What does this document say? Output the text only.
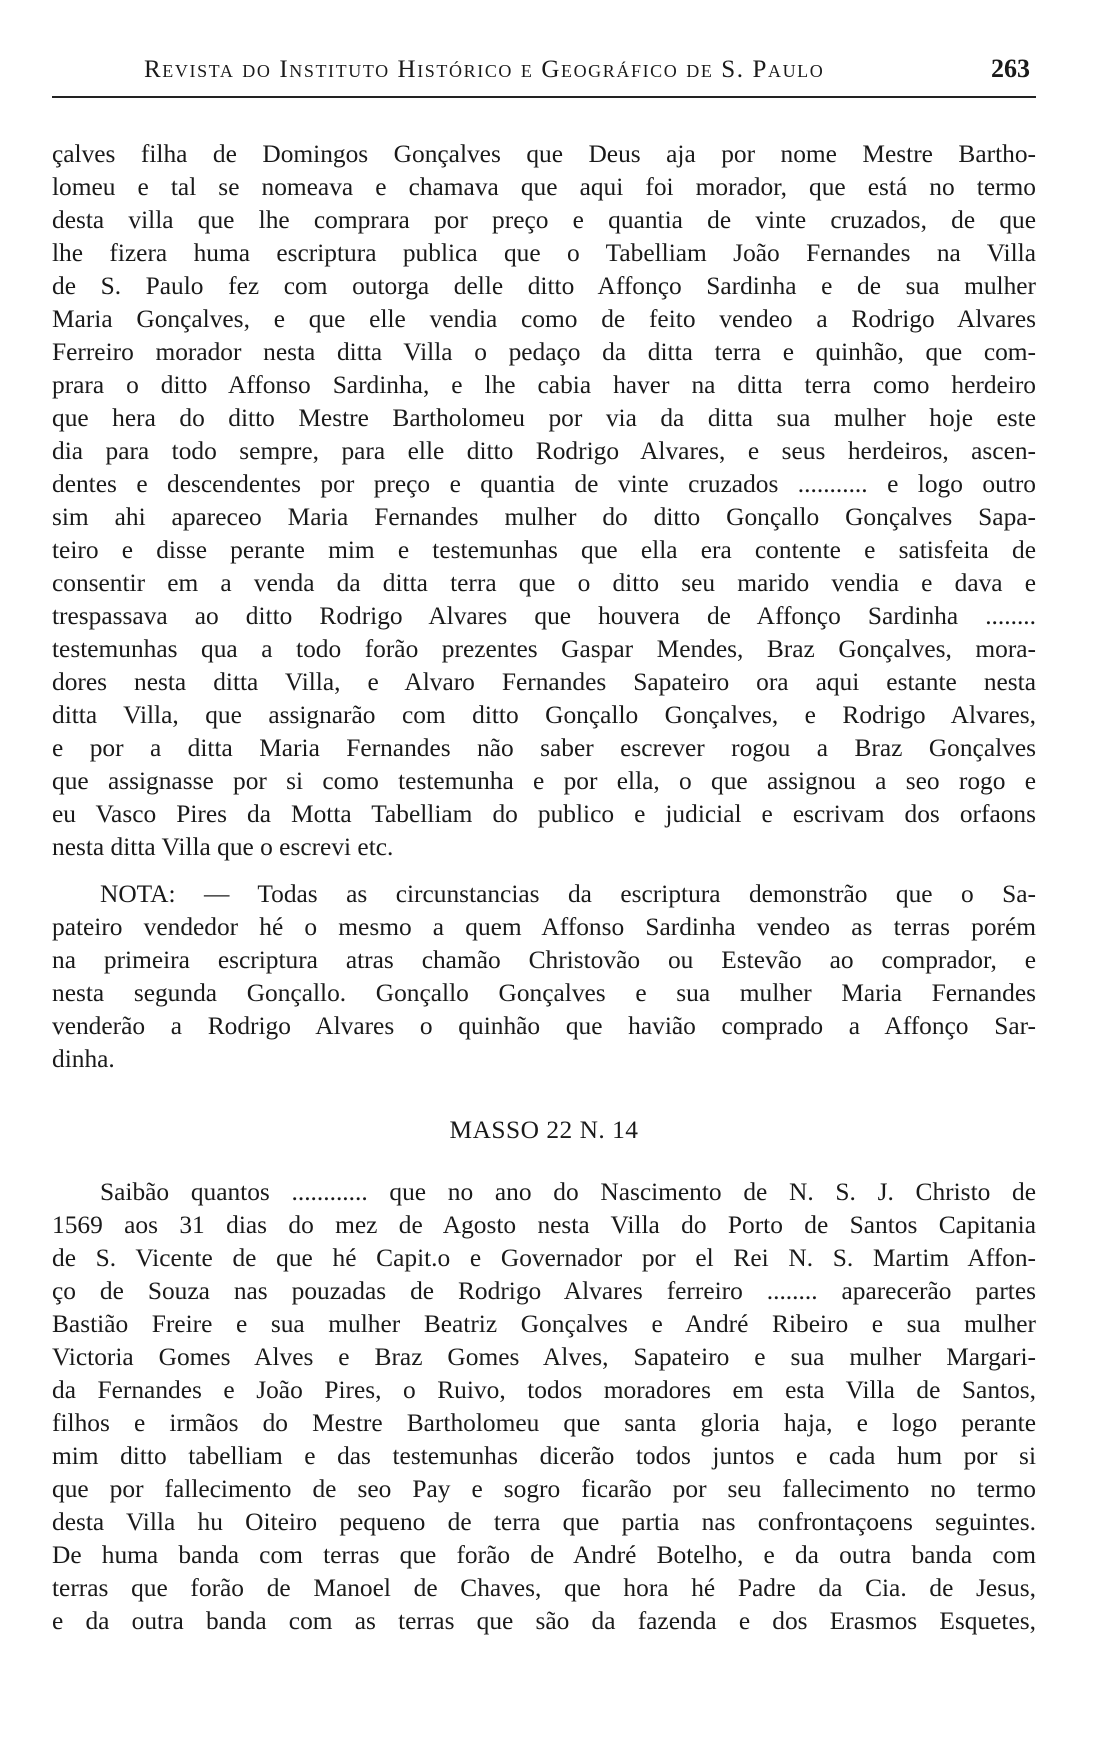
Revista do Instituto Histórico e Geográfico de S. Paulo	263
çalves filha de Domingos Gonçalves que Deus aja por nome Mestre Bartho-
lomeu e tal se nomeava e chamava que aqui foi morador, que está no termo
desta villa que lhe comprara por preço e quantia de vinte cruzados, de que
lhe fizera huma escriptura publica que o Tabelliam João Fernandes na Villa
de S. Paulo fez com outorga delle ditto Affonço Sardinha e de sua mulher
Maria Gonçalves, e que elle vendia como de feito vendeo a Rodrigo Alvares
Ferreiro morador nesta ditta Villa o pedaço da ditta terra e quinhão, que com-
prara o ditto Affonso Sardinha, e lhe cabia haver na ditta terra como herdeiro
que hera do ditto Mestre Bartholomeu por via da ditta sua mulher hoje este
dia para todo sempre, para elle ditto Rodrigo Alvares, e seus herdeiros, ascen-
dentes e descendentes por preço e quantia de vinte cruzados ........... e logo outro
sim ahi apareceo Maria Fernandes mulher do ditto Gonçallo Gonçalves Sapa-
teiro e disse perante mim e testemunhas que ella era contente e satisfeita de
consentir em a venda da ditta terra que o ditto seu marido vendia e dava e
trespassava ao ditto Rodrigo Alvares que houvera de Affonço Sardinha ........
testemunhas qua a todo forão prezentes Gaspar Mendes, Braz Gonçalves, mora-
dores nesta ditta Villa, e Alvaro Fernandes Sapateiro ora aqui estante nesta
ditta Villa, que assignarão com ditto Gonçallo Gonçalves, e Rodrigo Alvares,
e por a ditta Maria Fernandes não saber escrever rogou a Braz Gonçalves
que assignasse por si como testemunha e por ella, o que assignou a seo rogo e
eu Vasco Pires da Motta Tabelliam do publico e judicial e escrivam dos orfaons
nesta ditta Villa que o escrevi etc.
NOTA: — Todas as circunstancias da escriptura demonstrão que o Sa-
pateiro vendedor hé o mesmo a quem Affonso Sardinha vendeo as terras porém
na primeira escriptura atras chamão Christovão ou Estevão ao comprador, e
nesta segunda Gonçallo. Gonçallo Gonçalves e sua mulher Maria Fernandes
venderão a Rodrigo Alvares o quinhão que havião comprado a Affonço Sar-
dinha.
MASSO 22 N. 14
Saibão quantos ............ que no ano do Nascimento de N. S. J. Christo de
1569 aos 31 dias do mez de Agosto nesta Villa do Porto de Santos Capitania
de S. Vicente de que hé Capit.o e Governador por el Rei N. S. Martim Affon-
ço de Souza nas pouzadas de Rodrigo Alvares ferreiro ........ aparecerão partes
Bastião Freire e sua mulher Beatriz Gonçalves e André Ribeiro e sua mulher
Victoria Gomes Alves e Braz Gomes Alves, Sapateiro e sua mulher Margari-
da Fernandes e João Pires, o Ruivo, todos moradores em esta Villa de Santos,
filhos e irmãos do Mestre Bartholomeu que santa gloria haja, e logo perante
mim ditto tabelliam e das testemunhas dicerão todos juntos e cada hum por si
que por fallecimento de seo Pay e sogro ficarão por seu fallecimento no termo
desta Villa hu Oiteiro pequeno de terra que partia nas confrontaçoens seguintes.
De huma banda com terras que forão de André Botelho, e da outra banda com
terras que forão de Manoel de Chaves, que hora hé Padre da Cia. de Jesus,
e da outra banda com as terras que são da fazenda e dos Erasmos Esquetes,
